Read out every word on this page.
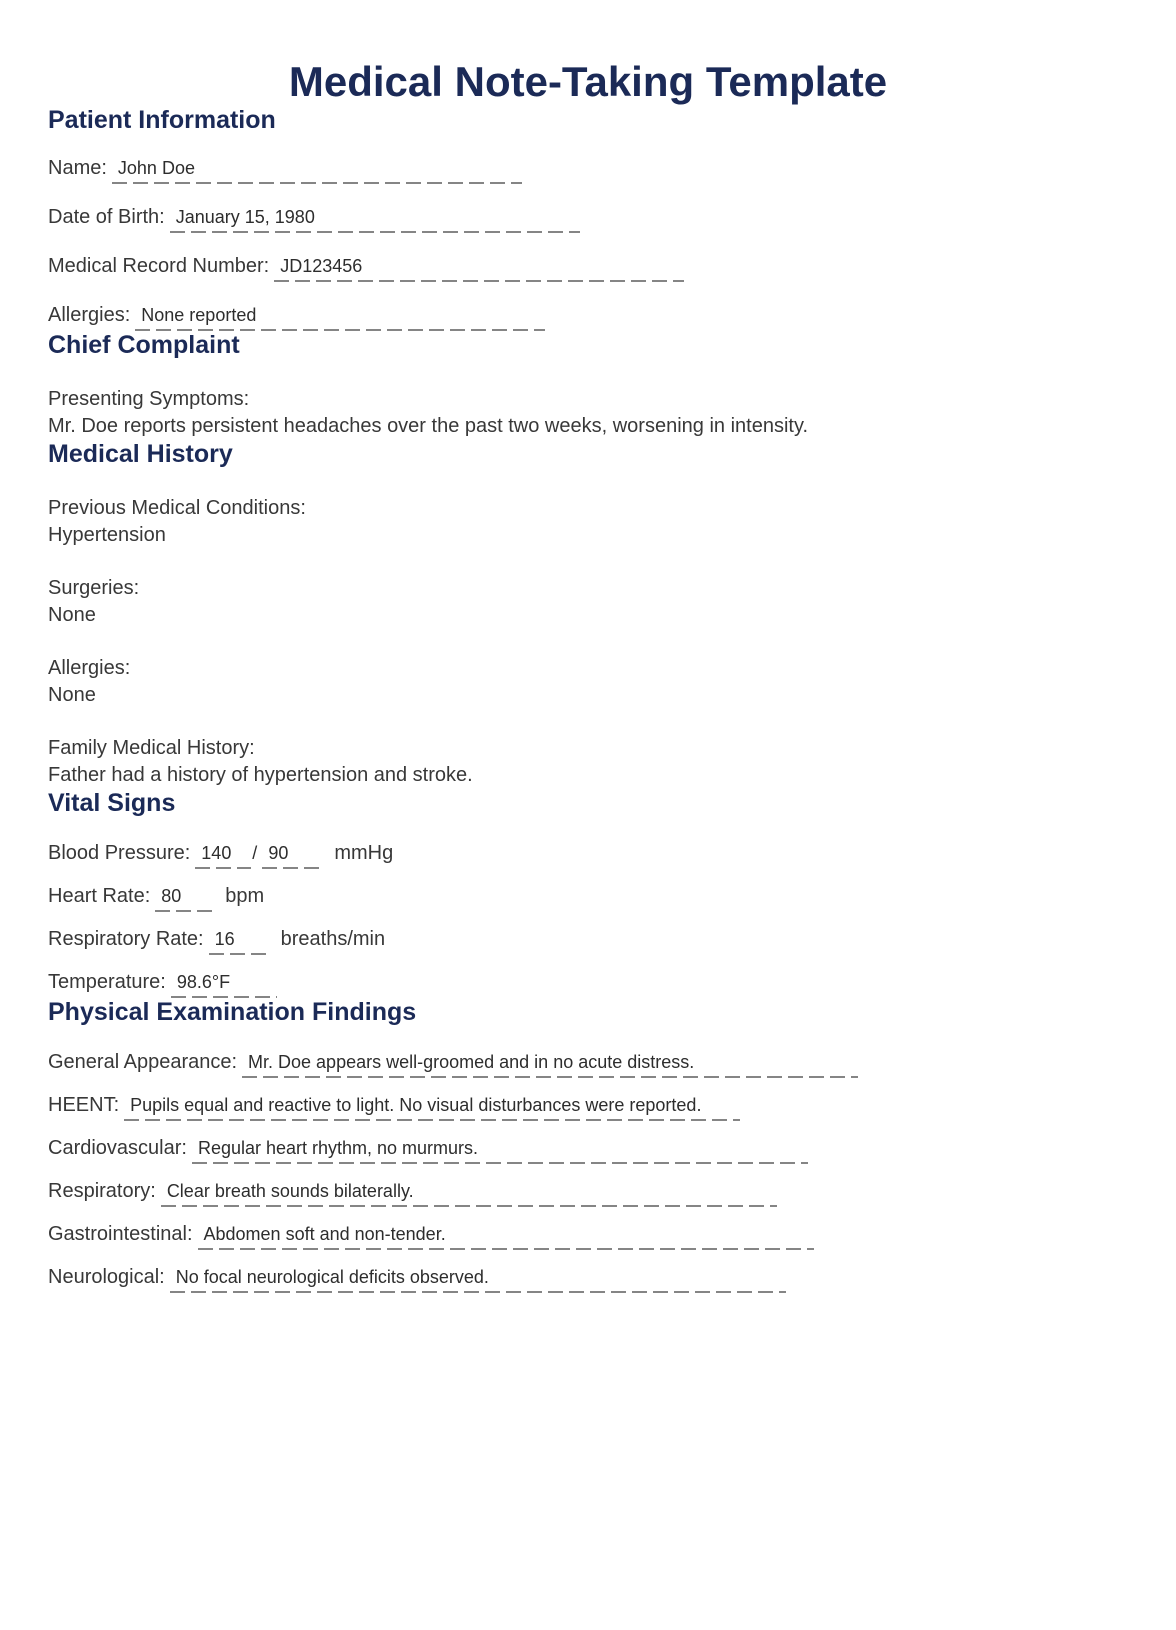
Medical Note-Taking Template
Patient Information
Name: John Doe
Date of Birth: January 15, 1980
Medical Record Number: JD123456
Allergies: None reported
Chief Complaint
Presenting Symptoms:
Mr. Doe reports persistent headaches over the past two weeks, worsening in intensity.
Medical History
Previous Medical Conditions:
Hypertension
Surgeries:
None
Allergies:
None
Family Medical History:
Father had a history of hypertension and stroke.
Vital Signs
Blood Pressure: 140 / 90 mmHg
Heart Rate: 80 bpm
Respiratory Rate: 16 breaths/min
Temperature: 98.6°F
Physical Examination Findings
General Appearance: Mr. Doe appears well-groomed and in no acute distress.
HEENT: Pupils equal and reactive to light. No visual disturbances were reported.
Cardiovascular: Regular heart rhythm, no murmurs.
Respiratory: Clear breath sounds bilaterally.
Gastrointestinal: Abdomen soft and non-tender.
Neurological: No focal neurological deficits observed.
